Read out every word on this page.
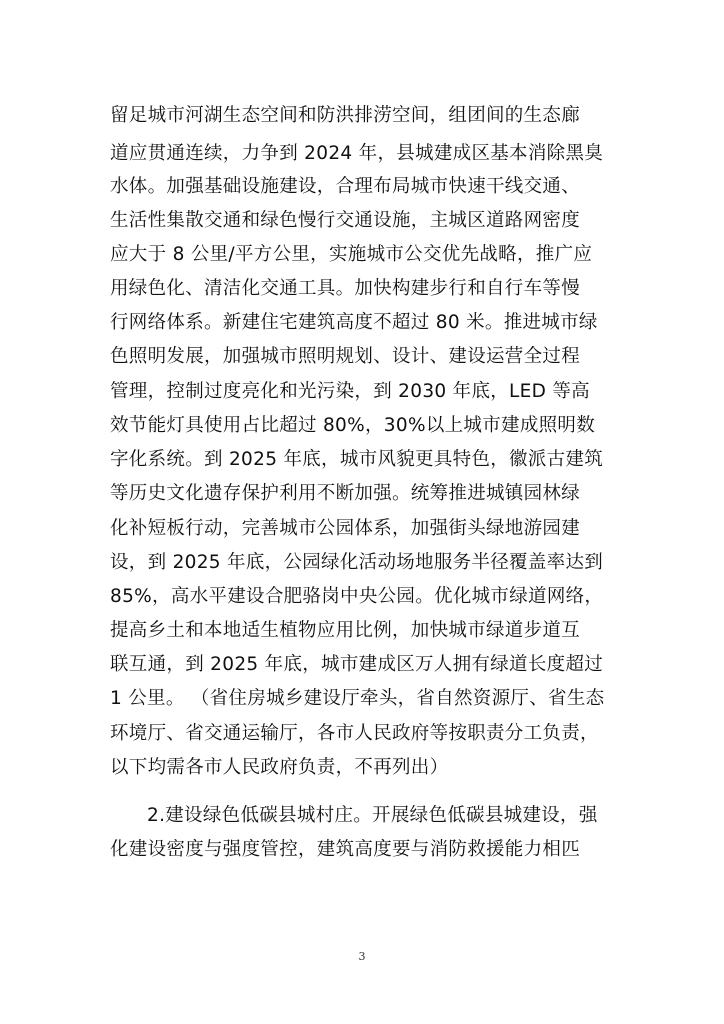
留足城市河湖生态空间和防洪排涝空间，组团间的生态廊
道应贯通连续，力争到 2024 年，县城建成区基本消除黑臭
水体。加强基础设施建设，合理布局城市快速干线交通、
生活性集散交通和绿色慢行交通设施，主城区道路网密度
应大于 8 公里/平方公里，实施城市公交优先战略，推广应
用绿色化、清洁化交通工具。加快构建步行和自行车等慢
行网络体系。新建住宅建筑高度不超过 80 米。推进城市绿
色照明发展，加强城市照明规划、设计、建设运营全过程
管理，控制过度亮化和光污染，到 2030 年底，LED 等高
效节能灯具使用占比超过 80%，30%以上城市建成照明数
字化系统。到 2025 年底，城市风貌更具特色，徽派古建筑
等历史文化遗存保护利用不断加强。统筹推进城镇园林绿
化补短板行动，完善城市公园体系，加强街头绿地游园建
设，到 2025 年底，公园绿化活动场地服务半径覆盖率达到
85%，高水平建设合肥骆岗中央公园。优化城市绿道网络，
提高乡土和本地适生植物应用比例，加快城市绿道步道互
联互通，到 2025 年底，城市建成区万人拥有绿道长度超过
1 公里。 （省住房城乡建设厅牵头，省自然资源厅、省生态
环境厅、省交通运输厅，各市人民政府等按职责分工负责，
以下均需各市人民政府负责，不再列出）
2.建设绿色低碳县城村庄。开展绿色低碳县城建设，强
化建设密度与强度管控，建筑高度要与消防救援能力相匹
3
